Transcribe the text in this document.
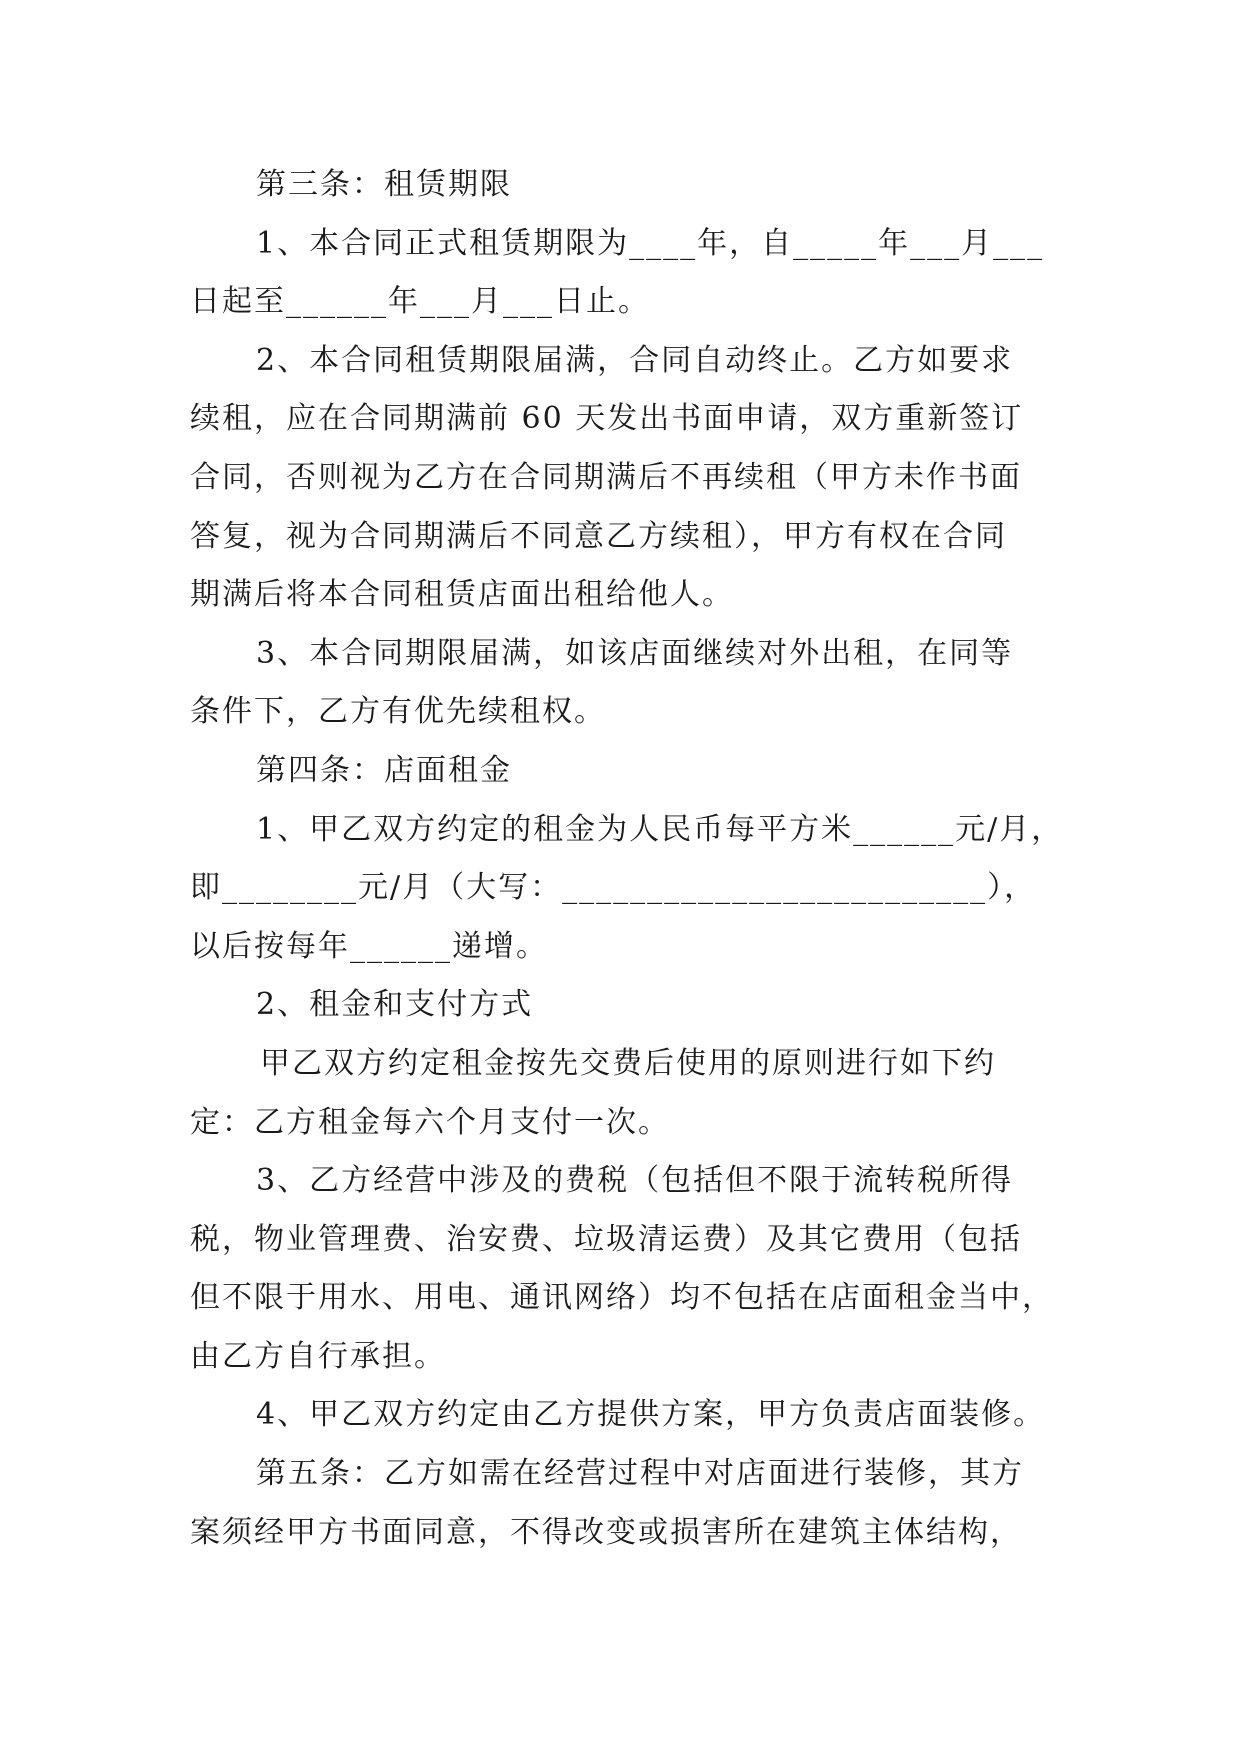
第三条：租赁期限
1、本合同正式租赁期限为____年，自_____年___月___
日起至______年___月___日止。
2、本合同租赁期限届满，合同自动终止。乙方如要求
续租，应在合同期满前 60 天发出书面申请，双方重新签订
合同，否则视为乙方在合同期满后不再续租（甲方未作书面
答复，视为合同期满后不同意乙方续租），甲方有权在合同
期满后将本合同租赁店面出租给他人。
3、本合同期限届满，如该店面继续对外出租，在同等
条件下，乙方有优先续租权。
第四条：店面租金
1、甲乙双方约定的租金为人民币每平方米______元/月，
即________元/月（大写：_________________________），
以后按每年______递增。
2、租金和支付方式
甲乙双方约定租金按先交费后使用的原则进行如下约
定：乙方租金每六个月支付一次。
3、乙方经营中涉及的费税（包括但不限于流转税所得
税，物业管理费、治安费、垃圾清运费）及其它费用（包括
但不限于用水、用电、通讯网络）均不包括在店面租金当中，
由乙方自行承担。
4、甲乙双方约定由乙方提供方案，甲方负责店面装修。
第五条：乙方如需在经营过程中对店面进行装修，其方
案须经甲方书面同意，不得改变或损害所在建筑主体结构，
